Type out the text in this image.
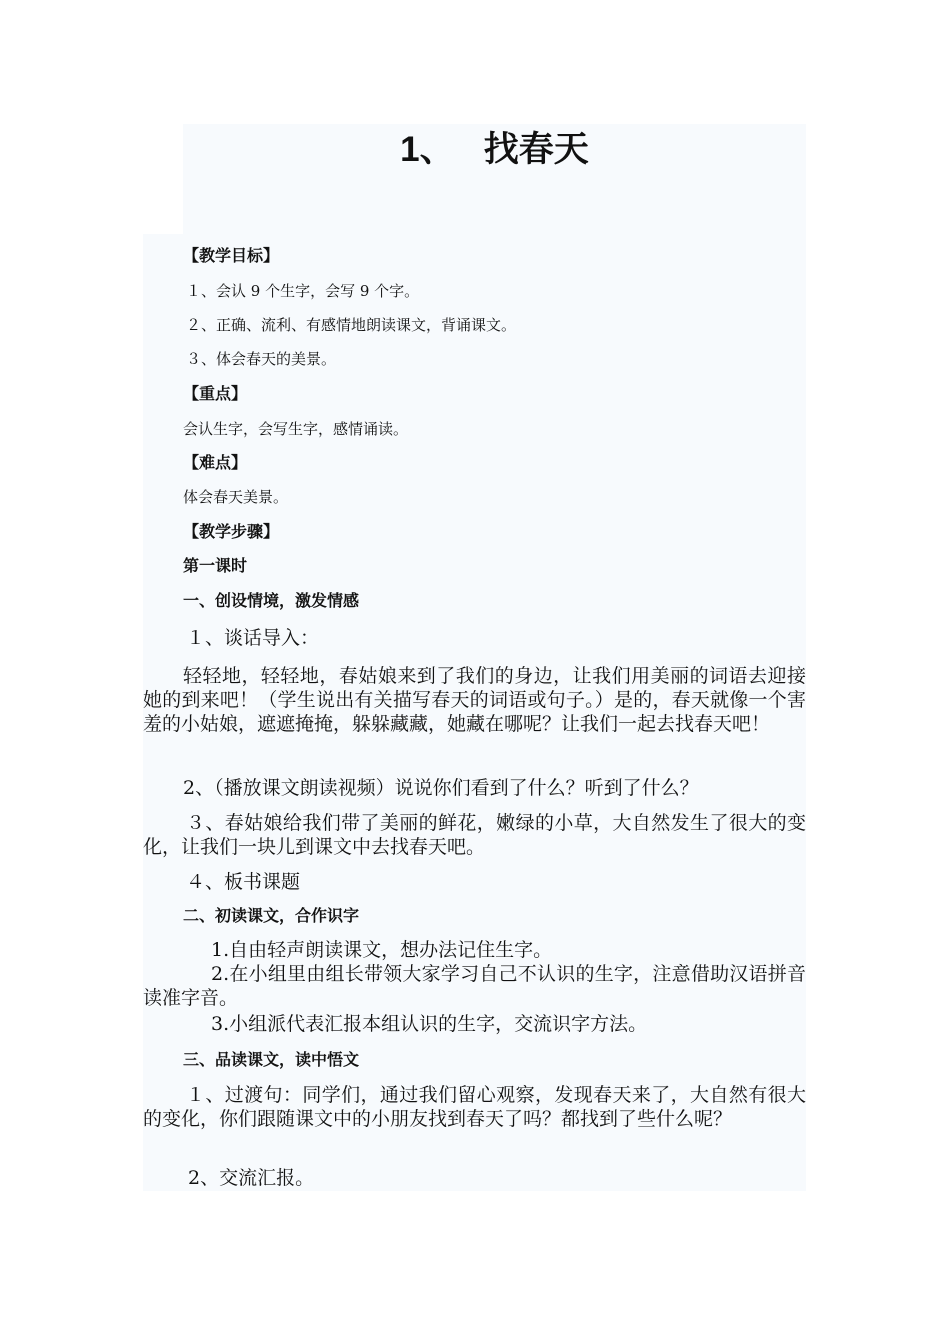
1、   找春天
【教学目标】
１、会认 9 个生字，会写 9 个字。
２、正确、流利、有感情地朗读课文，背诵课文。
３、体会春天的美景。
【重点】
会认生字，会写生字，感情诵读。
【难点】
体会春天美景。
【教学步骤】
第一课时
一、创设情境，激发情感
１、谈话导入：
轻轻地，轻轻地，春姑娘来到了我们的身边，让我们用美丽的词语去迎接她的到来吧！（学生说出有关描写春天的词语或句子。）是的，春天就像一个害羞的小姑娘，遮遮掩掩，躲躲藏藏，她藏在哪呢？让我们一起去找春天吧！
2、（播放课文朗读视频）说说你们看到了什么？听到了什么？
３、春姑娘给我们带了美丽的鲜花，嫩绿的小草，大自然发生了很大的变化，让我们一块儿到课文中去找春天吧。
４、板书课题
二、初读课文，合作识字
1.自由轻声朗读课文，想办法记住生字。
2.在小组里由组长带领大家学习自己不认识的生字，注意借助汉语拼音读准字音。
3.小组派代表汇报本组认识的生字，交流识字方法。
三、品读课文，读中悟文
１、过渡句：同学们，通过我们留心观察，发现春天来了，大自然有很大的变化，你们跟随课文中的小朋友找到春天了吗？都找到了些什么呢？
2、交流汇报。
